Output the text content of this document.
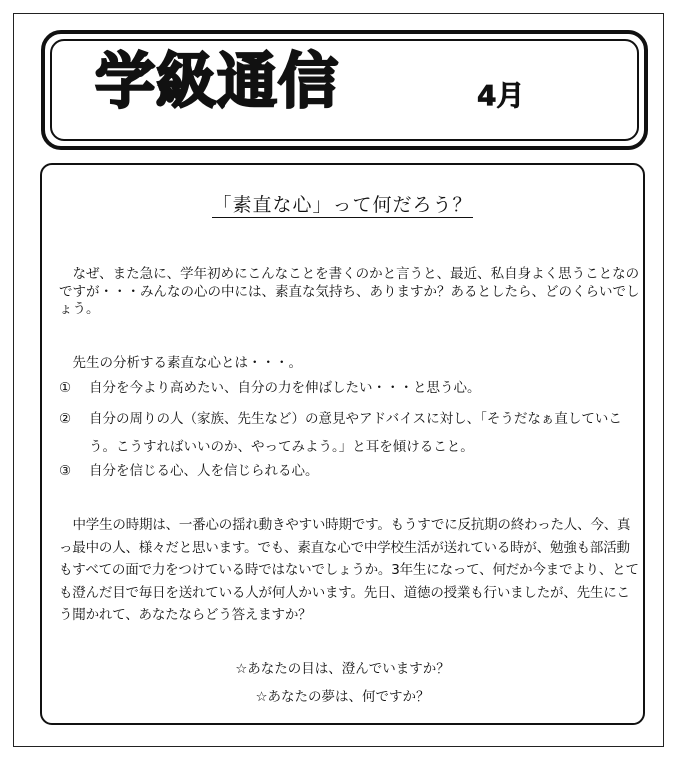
学級通信	4月
「素直な心」って何だろう？

なぜ、また急に、学年初めにこんなことを書くのかと言うと、最近、私自身よく思うことなのですが・・・みんなの心の中には、素直な気持ち、ありますか？あるとしたら、どのくらいでしょう。

先生の分析する素直な心とは・・・。

① 自分を今より高めたい、自分の力を伸ばしたい・・・と思う心。
② 自分の周りの人（家族、先生など）の意見やアドバイスに対し、「そうだなぁ直していこう。こうすればいいのか、やってみよう。」と耳を傾けること。
③ 自分を信じる心、人を信じられる心。

中学生の時期は、一番心の揺れ動きやすい時期です。もうすでに反抗期の終わった人、今、真っ最中の人、様々だと思います。でも、素直な心で中学校生活が送れている時が、勉強も部活動もすべての面で力をつけている時ではないでしょうか。3年生になって、何だか今までより、とても澄んだ目で毎日を送れている人が何人かいます。先日、道徳の授業も行いましたが、先生にこう聞かれて、あなたならどう答えますか？

☆あなたの目は、澄んでいますか？
☆あなたの夢は、何ですか？
